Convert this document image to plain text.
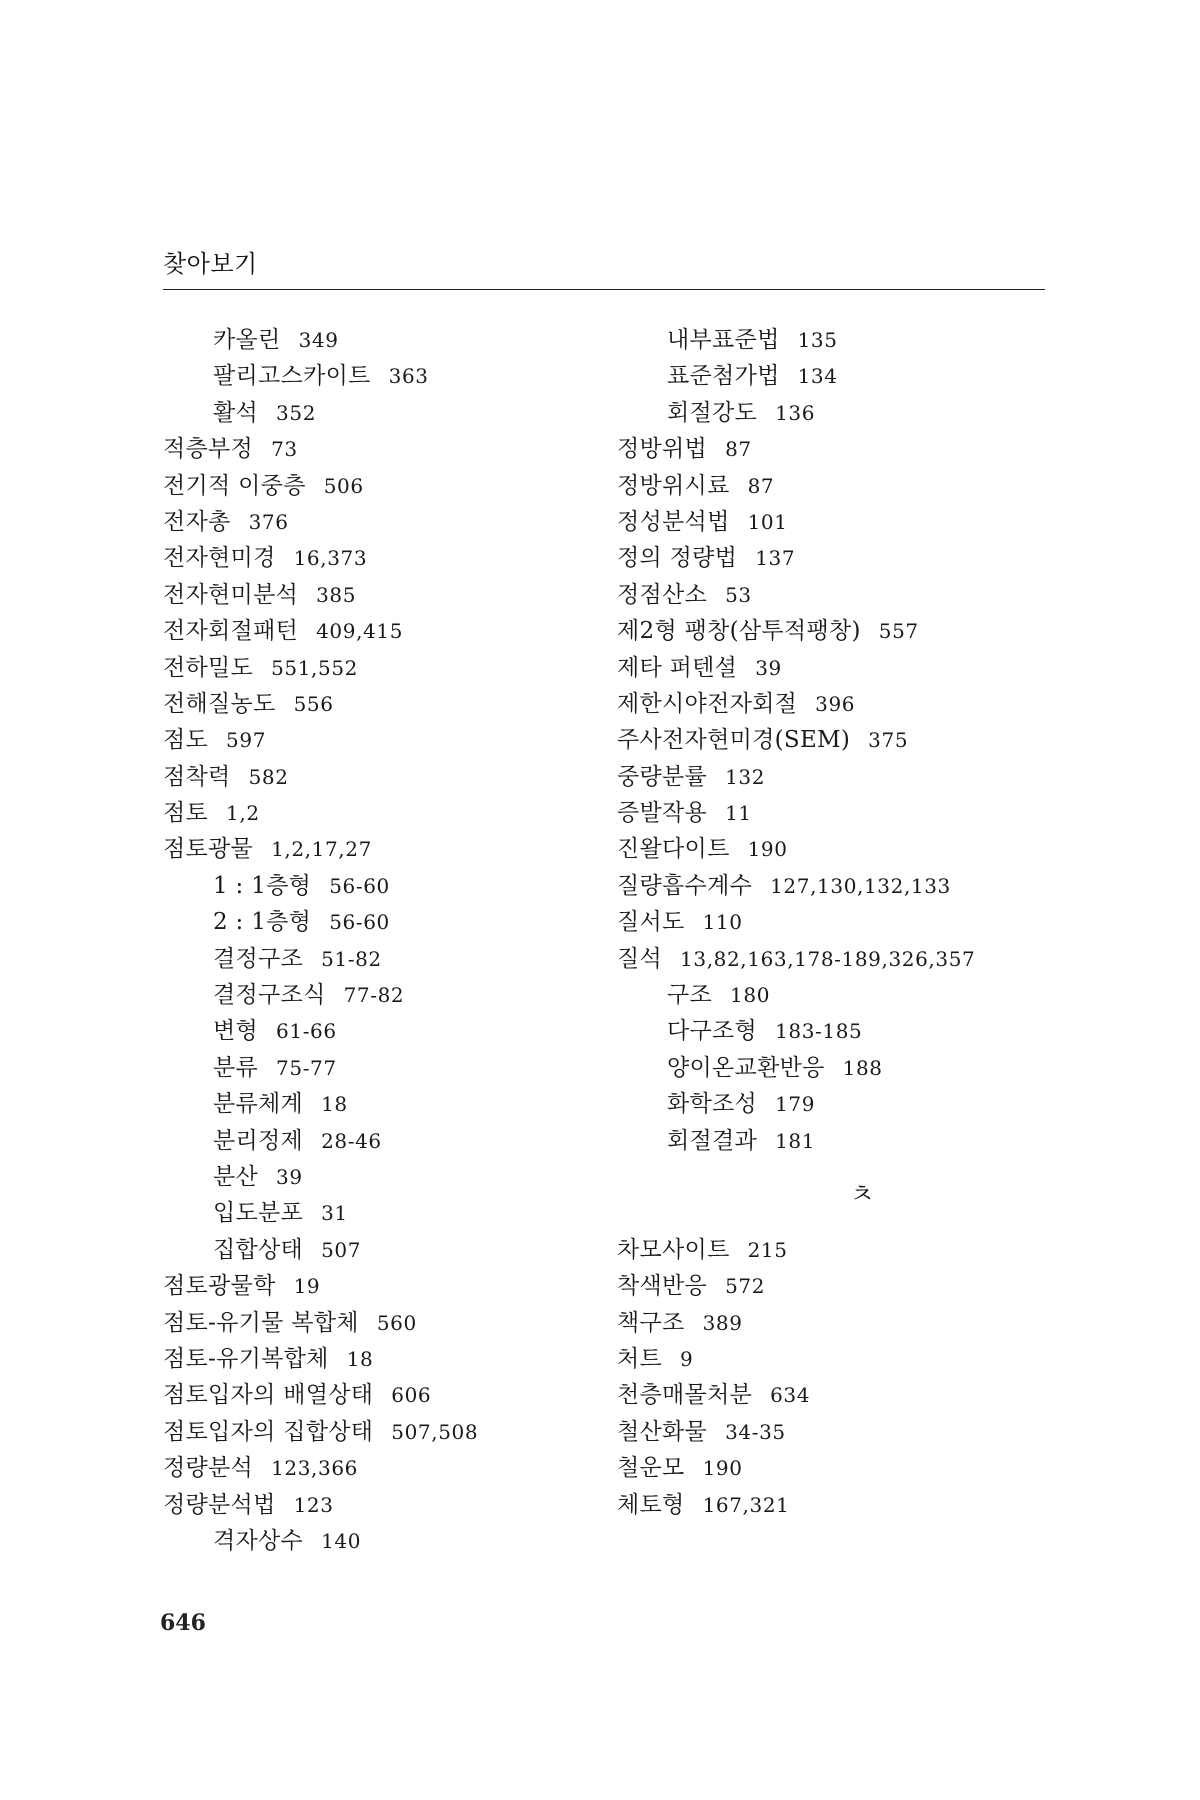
찾아보기
카올린 349
팔리고스카이트 363
활석 352
적층부정 73
전기적 이중층 506
전자총 376
전자현미경 16,373
전자현미분석 385
전자회절패턴 409,415
전하밀도 551,552
전해질농도 556
점도 597
점착력 582
점토 1,2
점토광물 1,2,17,27
1 : 1층형 56-60
2 : 1층형 56-60
결정구조 51-82
결정구조식 77-82
변형 61-66
분류 75-77
분류체계 18
분리정제 28-46
분산 39
입도분포 31
집합상태 507
점토광물학 19
점토-유기물 복합체 560
점토-유기복합체 18
점토입자의 배열상태 606
점토입자의 집합상태 507,508
정량분석 123,366
정량분석법 123
격자상수 140
내부표준법 135
표준첨가법 134
회절강도 136
정방위법 87
정방위시료 87
정성분석법 101
정의 정량법 137
정점산소 53
제2형 팽창(삼투적팽창) 557
제타 퍼텐셜 39
제한시야전자회절 396
주사전자현미경(SEM) 375
중량분률 132
증발작용 11
진왈다이트 190
질량흡수계수 127,130,132,133
질서도 110
질석 13,82,163,178-189,326,357
구조 180
다구조형 183-185
양이온교환반응 188
화학조성 179
회절결과 181
ㅊ
차모사이트 215
착색반응 572
책구조 389
처트 9
천층매몰처분 634
철산화물 34-35
철운모 190
체토형 167,321
646
